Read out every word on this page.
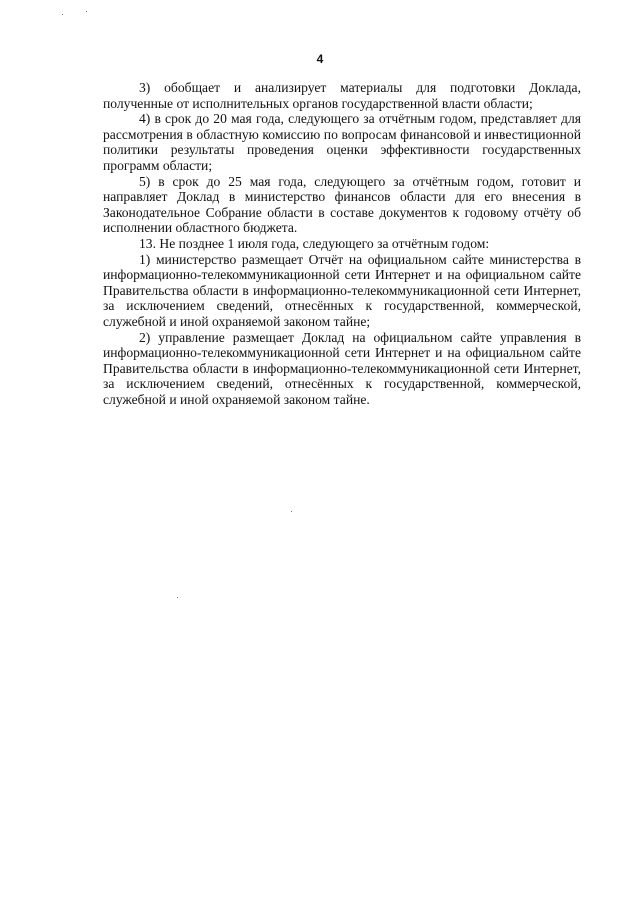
4

3) обобщает и анализирует материалы для подготовки Доклада, полученные от исполнительных органов государственной власти области;

4) в срок до 20 мая года, следующего за отчётным годом, представляет для рассмотрения в областную комиссию по вопросам финансовой и инвестиционной политики результаты проведения оценки эффективности государственных программ области;

5) в срок до 25 мая года, следующего за отчётным годом, готовит и направляет Доклад в министерство финансов области для его внесения в Законодательное Собрание области в составе документов к годовому отчёту об исполнении областного бюджета.

13. Не позднее 1 июля года, следующего за отчётным годом:

1) министерство размещает Отчёт на официальном сайте министерства в информационно-телекоммуникационной сети Интернет и на официальном сайте Правительства области в информационно-телекоммуникационной сети Интернет, за исключением сведений, отнесённых к государственной, коммерческой, служебной и иной охраняемой законом тайне;

2) управление размещает Доклад на официальном сайте управления в информационно-телекоммуникационной сети Интернет и на официальном сайте Правительства области в информационно-телекоммуникационной сети Интернет, за исключением сведений, отнесённых к государственной, коммерческой, служебной и иной охраняемой законом тайне.
